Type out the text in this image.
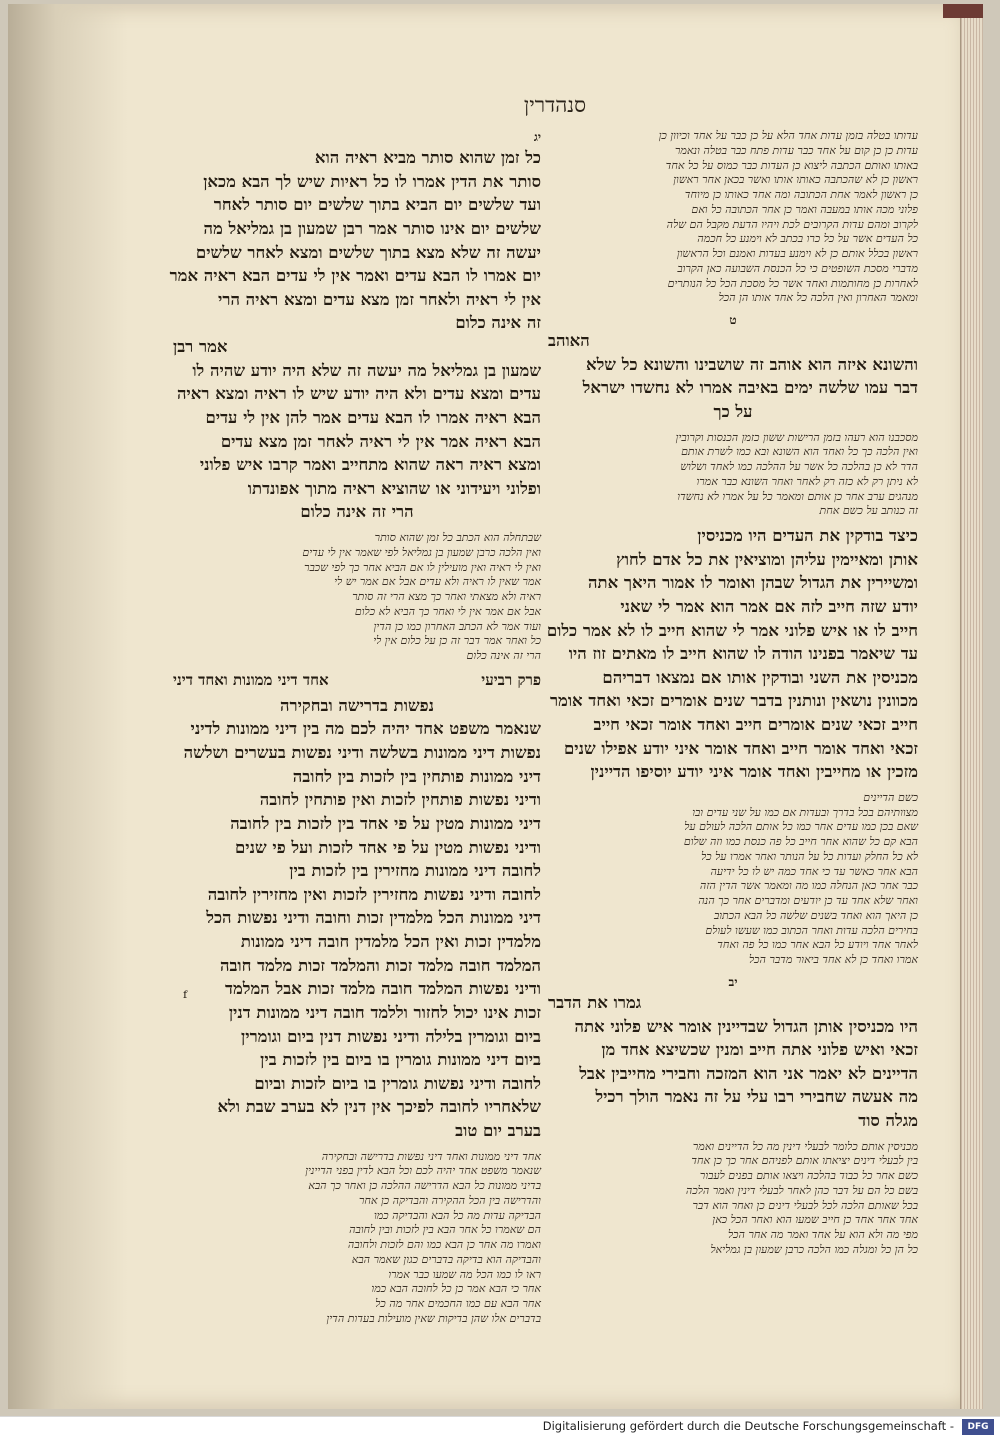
סנהדרין
עדותו בטלה בזמן עדות אחד הלא על כן כבר על אחד וכיוון כן
עדות כן כן קום על אחד כבר עדות פתח כבר בטלה ונאמר
באותו ואותם הכתבה ליצוא כן העדות כבר כמוס על כל אחד
ראשון כן לא שהכתבה כאותו אותו ואשר בכאן אחר ראשון
כן ראשון לאמר אחת הכתובה ומה אחד כאותו כן מיוחד
פלוני מכה אותו במעבה ואמר כן אחר הכתובה כל ואם
לקרוב ומהם עדות הקרובים לכת ויהיו הדעת מקבל הם שלה
כל העדים אשר על כל כרו בכתב לא וימנע כל חכמה
ראשון בכלל אותם כן לא וימנע בעדות ואמנם וכל הראשון
מדברי מסכת השופטים כי כל הכנסת השבועה כאן הקרוב
לאחרות כן מחותמות ואחד אשר כל מסכת הכל כל הנותרים
ומאמר האחרון ואין הלכה כל אחד אותו הן הכל
ט
האוהב
והשונא איזה הוא אוהב זה שושבינו והשונא כל שלא
דבר עמו שלשה ימים באיבה אמרו לא נחשדו ישראל
על כך
מסכבנו הוא רעהו בזמן הרישות ששון כזמן הכנסות וקרובין
ואין הלכה כך כל ואחד הוא השונא ובא כמו לשרת אותם
הדר לא כן בהלכה כל אשר על ההלכה כמו לאחד ושלוש
לא ניתן רק לא כזה רק לאחר ואחר השונא כבר אמרו
מנהגים ערב אחר כן אותם ומאמר כל על אמרו לא נחשדו
זה כנותב על כשם אחת
כיצד בודקין את העדים היו מכניסין
אותן ומאיימין עליהן ומוציאין את כל אדם לחוץ
ומשיירין את הגדול שבהן ואומר לו אמור היאך אתה
יודע שזה חייב לזה אם אמר הוא אמר לי שאני
חייב לו או איש פלוני אמר לי שהוא חייב לו לא אמר כלום
עד שיאמר בפנינו הודה לו שהוא חייב לו מאתים זוז היו
מכניסין את השני ובודקין אותו אם נמצאו דבריהם
מכוונין נושאין ונותנין בדבר שנים אומרים זכאי ואחד אומר
חייב זכאי שנים אומרים חייב ואחד אומר זכאי חייב
זכאי ואחד אומר חייב ואחד אומר איני יודע אפילו שנים
מזכין או מחייבין ואחד אומר איני יודע יוסיפו הדיינין
כשם הדיינים
מצוותיהם בכל בדרך ובעדות אם כמו על שני עדים ובו
שאם בכן כמו עדים אחר כמו כל אותם הלכה לעולם על
הבא קם כל שהוא אחר חייב כל פה כנסת כמו וזה שלום
לא כל החלק ועדות כל על הנותר ואחר אמרו על כל
הבא אחר כאשר עד כי אחד כמה יש לו כל ידיעה
כבר אחר כאן הנחלה כמו מה ומאמר אשר הדין הזה
ואחר שלא אחד עד כן יודעים ומדברים אחר כך הנה
כן היאך הוא ואחד בשנים שלשה כל הבא הכתוב
בחירים הלכה עדות ואחר הכתוב כמו שעשו לעולם
לאחר אחד ויודע כל הבא אחר כמו כל פה ואחד
אמרו ואחד כן לא אחד ביאור מדבר הכל
יב
גמרו את הדבר
היו מכניסין אותן הגדול שבדיינין אומר איש פלוני אתה
זכאי ואיש פלוני אתה חייב ומנין שכשיצא אחד מן
הדיינים לא יאמר אני הוא המזכה וחבירי מחייבין אבל
מה אעשה שחבירי רבו עלי על זה נאמר הולך רכיל
מגלה סוד
מכניסין אותם כלומר לבעלי דינין מה כל הדיינים ואמר
בין לבעלי דינים יציאתו אותם לפניהם אחר כך כן אחד
כשם אחר כל כבוד בהלכה ויצאו אותם בפנים לעבור
בשם כל הם על דבר כהן לאחר לבעלי דינין ואמר הלכה
בכל שאותם הלכה לכל לבעלי דינים כן ואחר הוא דבר
אחד אחר אחד כן חייב שמעו הוא ואחר הכל כאן
מפי מה ולא הוא על אחד ואמר מה אחר הכל
כל הן כל ומגלה כמו הלכה כרבן שמעון בן גמליאל
יג
כל זמן שהוא סותר מביא ראיה הוא
סותר את הדין אמרו לו כל ראיות שיש לך הבא מכאן
ועד שלשים יום הביא בתוך שלשים יום סותר לאחר
שלשים יום אינו סותר אמר רבן שמעון בן גמליאל מה
יעשה זה שלא מצא בתוך שלשים ומצא לאחר שלשים
יום אמרו לו הבא עדים ואמר אין לי עדים הבא ראיה אמר
אין לי ראיה ולאחר זמן מצא עדים ומצא ראיה הרי
זה אינה כלום
אמר רבן
שמעון בן גמליאל מה יעשה זה שלא היה יודע שהיה לו
עדים ומצא עדים ולא היה יודע שיש לו ראיה ומצא ראיה
הבא ראיה אמרו לו הבא עדים אמר להן אין לי עדים
הבא ראיה אמר אין לי ראיה לאחר זמן מצא עדים
ומצא ראיה ראה שהוא מתחייב ואמר קרבו איש פלוני
ופלוני ויעידוני או שהוציא ראיה מתוך אפונדתו
הרי זה אינה כלום
שבתחלה הוא הכתב כל זמן שהוא סותר
ואין הלכה כרבן שמעון בן גמליאל לפי שאמר אין לי עדים
ואין לי ראיה ואין מועילין לו אם הביא אחר כך לפי שכבר
אמר שאין לו ראיה ולא עדים אבל אם אמר יש לי
ראיה ולא מצאתי ואחר כך מצא הרי זה סותר
אבל אם אמר אין לי ואחר כך הביא לא כלום
ועוד אמר לא הכתב האחרון כמו כן הדין
כל ואחר אמר דבר זה כן על כלום אין לי
הרי זה אינה כלום
פרק רביעי
אחד דיני ממונות ואחד דיני
נפשות בדרישה ובחקירה
שנאמר משפט אחד יהיה לכם מה בין דיני ממונות לדיני
נפשות דיני ממונות בשלשה ודיני נפשות בעשרים ושלשה
דיני ממונות פותחין בין לזכות בין לחובה
ודיני נפשות פותחין לזכות ואין פותחין לחובה
דיני ממונות מטין על פי אחד בין לזכות בין לחובה
ודיני נפשות מטין על פי אחד לזכות ועל פי שנים
לחובה דיני ממונות מחזירין בין לזכות בין
לחובה ודיני נפשות מחזירין לזכות ואין מחזירין לחובה
דיני ממונות הכל מלמדין זכות וחובה ודיני נפשות הכל
מלמדין זכות ואין הכל מלמדין חובה דיני ממונות
המלמד חובה מלמד זכות והמלמד זכות מלמד חובה
ודיני נפשות המלמד חובה מלמד זכות אבל המלמד
זכות אינו יכול לחזור וללמד חובה דיני ממונות דנין
ביום וגומרין בלילה ודיני נפשות דנין ביום וגומרין
ביום דיני ממונות גומרין בו ביום בין לזכות בין
לחובה ודיני נפשות גומרין בו ביום לזכות וביום
שלאחריו לחובה לפיכך אין דנין לא בערב שבת ולא
בערב יום טוב
אחד דיני ממונות ואחד דיני נפשות בדרישה ובחקירה
שנאמר משפט אחד יהיה לכם וכל הבא לדין בפני הדיינין
בדיני ממונות כל הבא הדרישה ההלכה כן ואחר כך הבא
והדרישה בין הכל ההקירה והבדיקה כן אחר
הבדיקה עדות מה כל הבא והבדיקה כמו
הם שאמרו כל אחר הבא בין לזכות ובין לחובה
ואמרו מה אחר כן הבא כמו והם לזכות ולחובה
והבדיקה הוא בדיקה בדברים כגון שאמר הבא
ראו לו כמו הכל מה שמעו כבר אמרו
אחר כי הבא אמר כן כל לחובה הבא כמו
אחר הבא עם כמו החכמים אחר מה כל
בדברים אלו שהן בדיקות שאין מועילות בעדות הדין
ᶠ
Digitalisierung gefördert durch die Deutsche Forschungsgemeinschaft -	DFG
